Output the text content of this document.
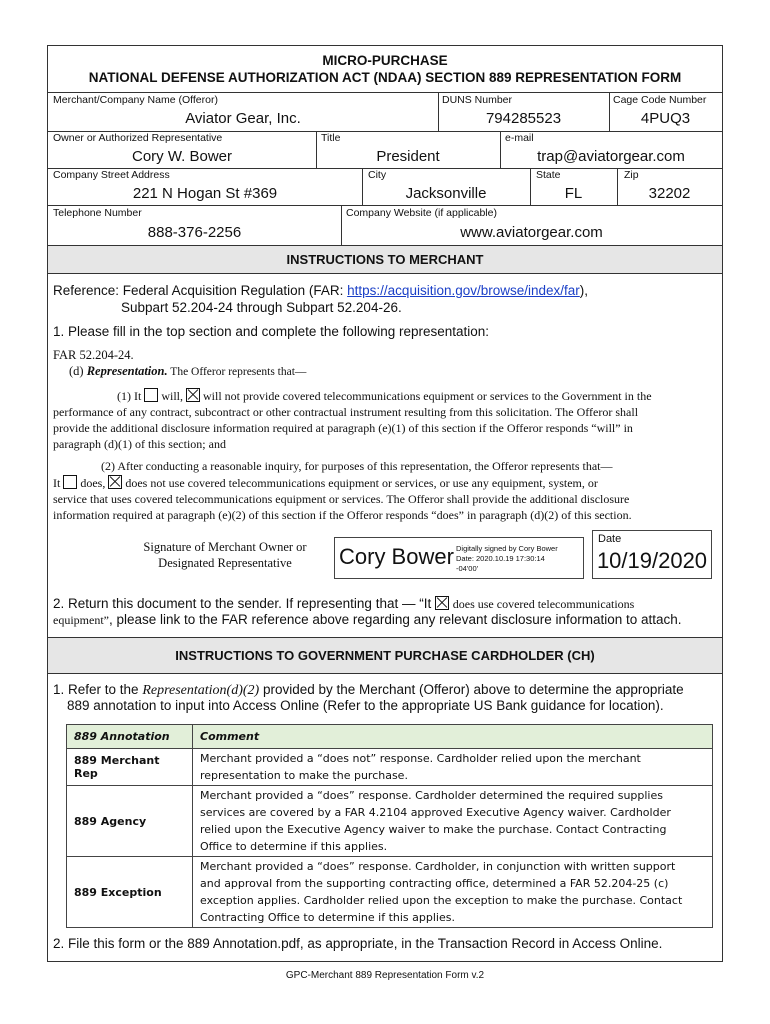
MICRO-PURCHASE
NATIONAL DEFENSE AUTHORIZATION ACT (NDAA) SECTION 889 REPRESENTATION FORM
Merchant/Company Name (Offeror)
Aviator Gear, Inc.
DUNS Number
794285523
Cage Code Number
4PUQ3
Owner or Authorized Representative
Cory W. Bower
Title
President
e-mail
trap@aviatorgear.com
Company Street Address
221 N Hogan St #369
City
Jacksonville
State
FL
Zip
32202
Telephone Number
888-376-2256
Company Website (if applicable)
www.aviatorgear.com
INSTRUCTIONS TO MERCHANT
Reference: Federal Acquisition Regulation (FAR: https://acquisition.gov/browse/index/far),
Subpart 52.204-24 through Subpart 52.204-26.
1. Please fill in the top section and complete the following representation:
FAR 52.204-24.
(d) Representation. The Offeror represents that—
(1) It will, will not provide covered telecommunications equipment or services to the Government in the
performance of any contract, subcontract or other contractual instrument resulting from this solicitation. The Offeror shall
provide the additional disclosure information required at paragraph (e)(1) of this section if the Offeror responds “will” in
paragraph (d)(1) of this section; and
(2) After conducting a reasonable inquiry, for purposes of this representation, the Offeror represents that—
It does, does not use covered telecommunications equipment or services, or use any equipment, system, or
service that uses covered telecommunications equipment or services. The Offeror shall provide the additional disclosure
information required at paragraph (e)(2) of this section if the Offeror responds “does” in paragraph (d)(2) of this section.
Signature of Merchant Owner or
Designated Representative	Cory Bower Digitally signed by Cory Bower
Date: 2020.10.19 17:30:14
-04'00'
Date
10/19/2020
2. Return this document to the sender. If representing that — “It does use covered telecommunications
equipment”, please link to the FAR reference above regarding any relevant disclosure information to attach.
INSTRUCTIONS TO GOVERNMENT PURCHASE CARDHOLDER (CH)
1. Refer to the Representation(d)(2) provided by the Merchant (Offeror) above to determine the appropriate
889 annotation to input into Access Online (Refer to the appropriate US Bank guidance for location).
889 Annotation	Comment
889 Merchant Rep	Merchant provided a “does not” response. Cardholder relied upon the merchant
representation to make the purchase.

889 Agency	Merchant provided a “does” response. Cardholder determined the required supplies
services are covered by a FAR 4.2104 approved Executive Agency waiver. Cardholder
relied upon the Executive Agency waiver to make the purchase. Contact Contracting
Office to determine if this applies.

889 Exception	Merchant provided a “does” response. Cardholder, in conjunction with written support
and approval from the supporting contracting office, determined a FAR 52.204-25 (c)
exception applies. Cardholder relied upon the exception to make the purchase. Contact
Contracting Office to determine if this applies.
2. File this form or the 889 Annotation.pdf, as appropriate, in the Transaction Record in Access Online.
GPC-Merchant 889 Representation Form v.2
